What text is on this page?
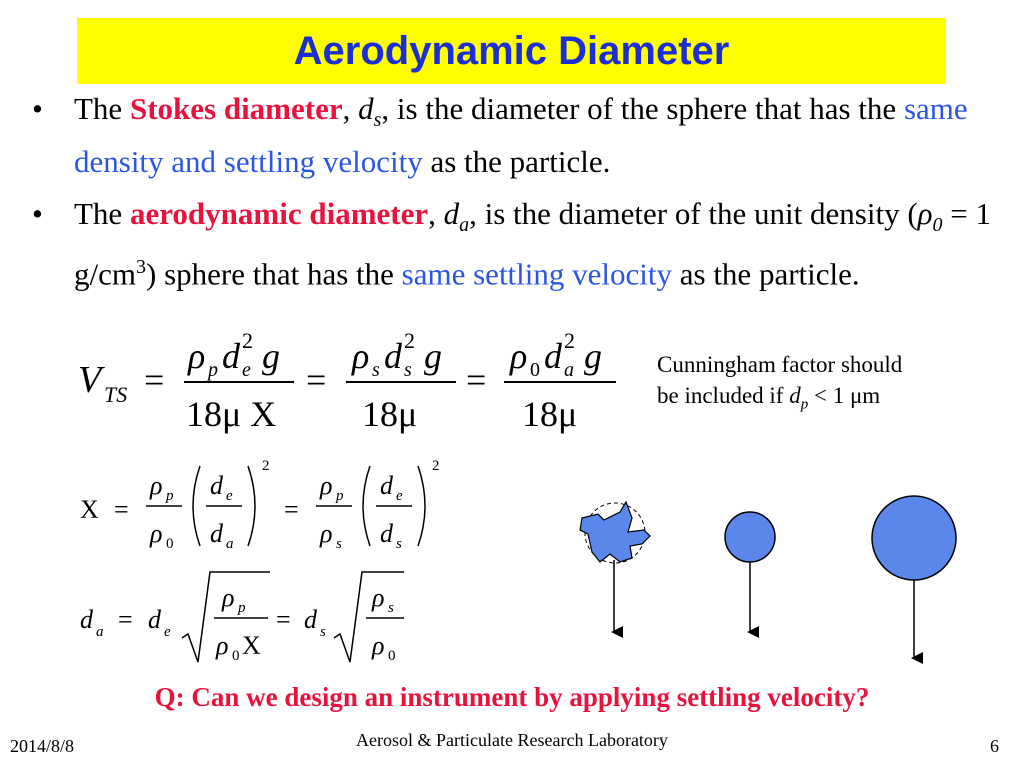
Aerodynamic Diameter
• The Stokes diameter, $d_s$, is the diameter of the sphere that has the same density and settling velocity as the particle.
• The aerodynamic diameter, $d_a$, is the diameter of the unit density ($\rho_0 = 1$ $g/cm^3$) sphere that has the same settling velocity as the particle.
V TS =
ρ p d e
2 g
18μ Χ
=
ρ s d s
2 g
18μ
=
ρ 0 d a
2 g
18μ
Cunningham factor should
be included if $d_p < 1$ μm
Χ =
ρ p
ρ 0
d e
d a
2
=
ρ p
ρ s
d e
d s
2
d a = d e
ρ p
ρ 0 Χ
= d s
ρ s
ρ 0
Q: Can we design an instrument by applying settling velocity?
2014/8/8	Aerosol & Particulate Research Laboratory	6
